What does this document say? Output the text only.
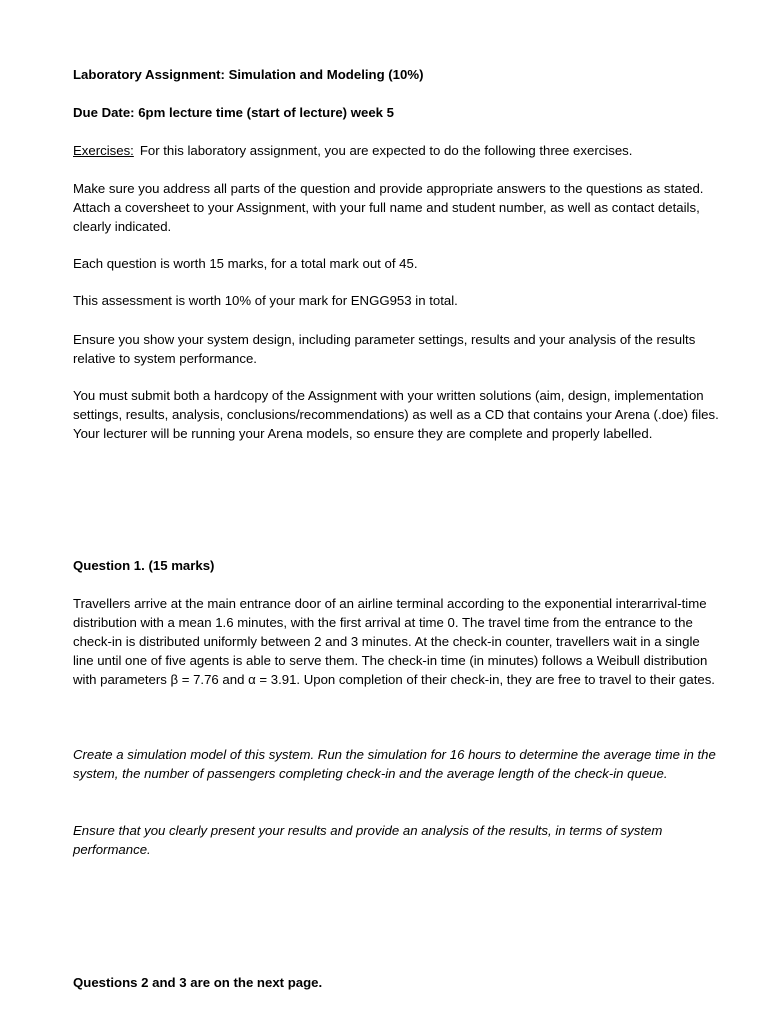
Laboratory Assignment: Simulation and Modeling (10%)

Due Date: 6pm lecture time (start of lecture) week 5

Exercises: For this laboratory assignment, you are expected to do the following three exercises.

Make sure you address all parts of the question and provide appropriate answers to the questions as stated. Attach a coversheet to your Assignment, with your full name and student number, as well as contact details, clearly indicated.

Each question is worth 15 marks, for a total mark out of 45.

This assessment is worth 10% of your mark for ENGG953 in total.

Ensure you show your system design, including parameter settings, results and your analysis of the results relative to system performance.

You must submit both a hardcopy of the Assignment with your written solutions (aim, design, implementation settings, results, analysis, conclusions/recommendations) as well as a CD that contains your Arena (.doe) files. Your lecturer will be running your Arena models, so ensure they are complete and properly labelled.

Question 1. (15 marks)

Travellers arrive at the main entrance door of an airline terminal according to the exponential interarrival-time distribution with a mean 1.6 minutes, with the first arrival at time 0. The travel time from the entrance to the check-in is distributed uniformly between 2 and 3 minutes. At the check-in counter, travellers wait in a single line until one of five agents is able to serve them. The check-in time (in minutes) follows a Weibull distribution with parameters β = 7.76 and α = 3.91. Upon completion of their check-in, they are free to travel to their gates.

Create a simulation model of this system. Run the simulation for 16 hours to determine the average time in the system, the number of passengers completing check-in and the average length of the check-in queue.

Ensure that you clearly present your results and provide an analysis of the results, in terms of system performance.

Questions 2 and 3 are on the next page.
